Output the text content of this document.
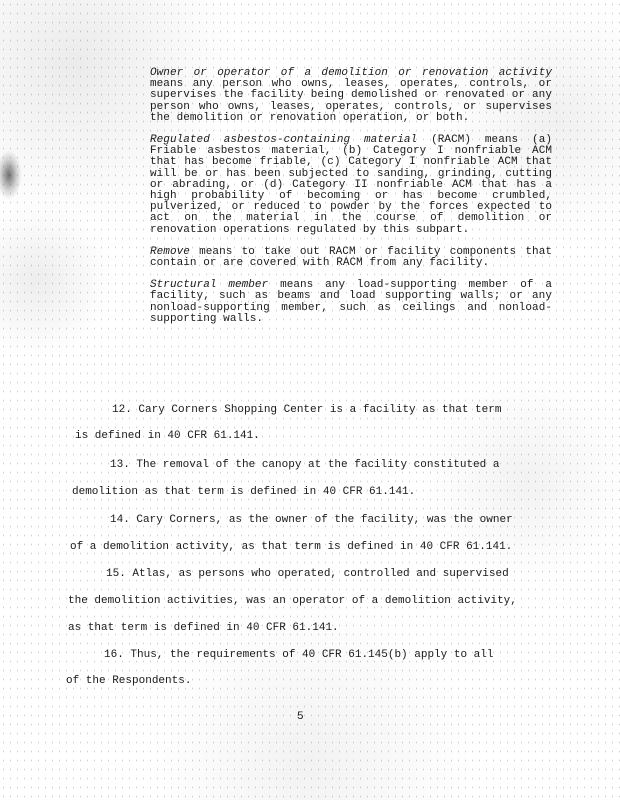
Owner or operator of a demolition or renovation activity means any person who owns, leases, operates, controls, or supervises the facility being demolished or renovated or any person who owns, leases, operates, controls, or supervises the demolition or renovation operation, or both.

Regulated asbestos-containing material (RACM) means (a) Friable asbestos material, (b) Category I nonfriable ACM that has become friable, (c) Category I nonfriable ACM that will be or has been subjected to sanding, grinding, cutting or abrading, or (d) Category II nonfriable ACM that has a high probability of becoming or has become crumbled, pulverized, or reduced to powder by the forces expected to act on the material in the course of demolition or renovation operations regulated by this subpart.

Remove means to take out RACM or facility components that contain or are covered with RACM from any facility.

Structural member means any load-supporting member of a facility, such as beams and load supporting walls; or any nonload-supporting member, such as ceilings and nonload-supporting walls.

12. Cary Corners Shopping Center is a facility as that term
is defined in 40 CFR 61.141.
13. The removal of the canopy at the facility constituted a
demolition as that term is defined in 40 CFR 61.141.
14. Cary Corners, as the owner of the facility, was the owner
of a demolition activity, as that term is defined in 40 CFR 61.141.
15. Atlas, as persons who operated, controlled and supervised
the demolition activities, was an operator of a demolition activity,
as that term is defined in 40 CFR 61.141.
16. Thus, the requirements of 40 CFR 61.145(b) apply to all
of the Respondents.
5
